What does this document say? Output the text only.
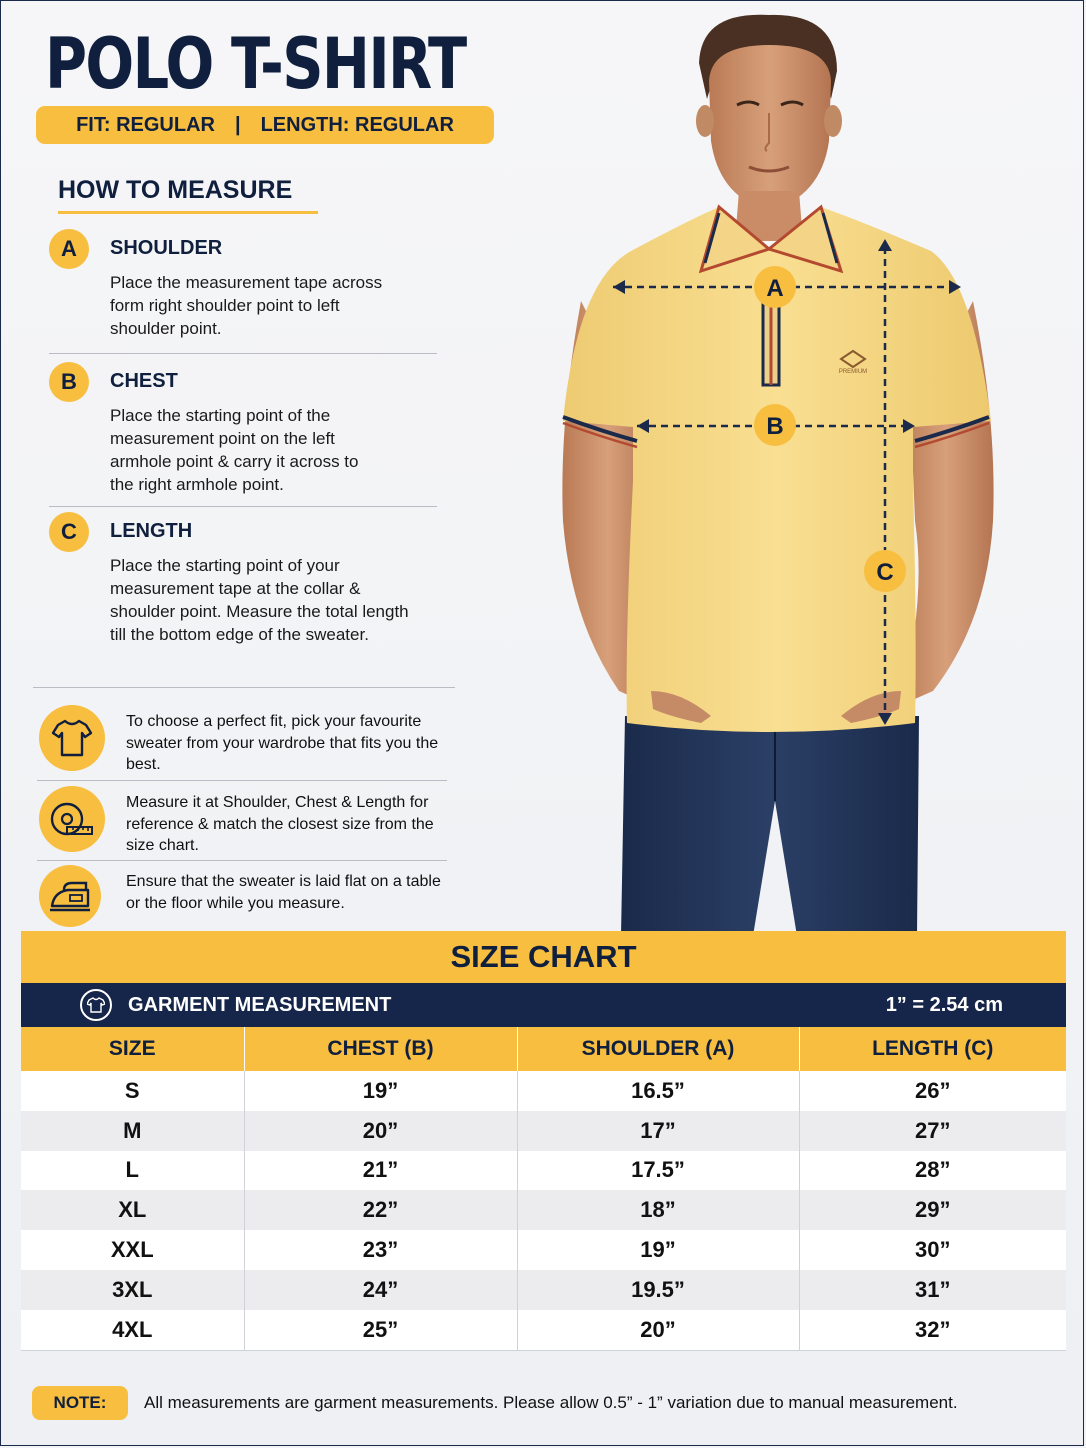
POLO T-SHIRT
FIT: REGULAR | LENGTH: REGULAR
HOW TO MEASURE
A	SHOULDER
Place the measurement tape across form right shoulder point to left shoulder point.
B	CHEST
Place the starting point of the measurement point on the left armhole point & carry it across to the right armhole point.
C	LENGTH
Place the starting point of your measurement tape at the collar & shoulder point. Measure the total length till the bottom edge of the sweater.
To choose a perfect fit, pick your favourite sweater from your wardrobe that fits you the best.
Measure it at Shoulder, Chest & Length for reference & match the closest size from the size chart.
Ensure that the sweater is laid flat on a table or the floor while you measure.
PREMIUM
A
B
C
SIZE CHART
GARMENT MEASUREMENT	1” = 2.54 cm
SIZE	CHEST (B)	SHOULDER (A)	LENGTH (C)
S	19”	16.5”	26”
M	20”	17”	27”
L	21”	17.5”	28”
XL	22”	18”	29”
XXL	23”	19”	30”
3XL	24”	19.5”	31”
4XL	25”	20”	32”
NOTE:	All measurements are garment measurements. Please allow 0.5” - 1” variation due to manual measurement.
